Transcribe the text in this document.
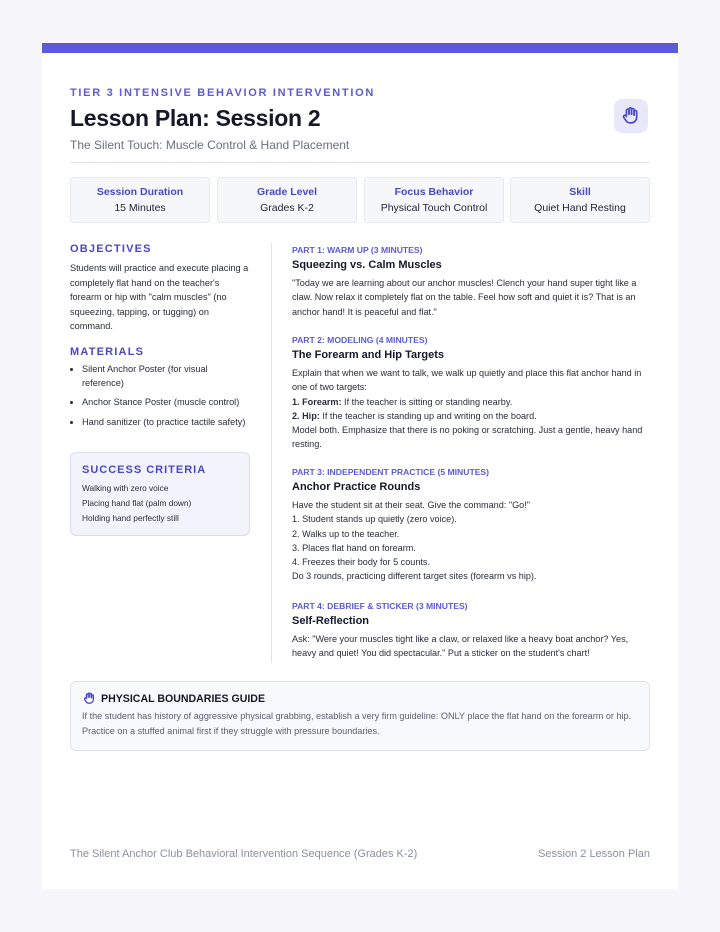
TIER 3 INTENSIVE BEHAVIOR INTERVENTION
Lesson Plan: Session 2
The Silent Touch: Muscle Control & Hand Placement
Session Duration
15 Minutes
Grade Level
Grades K-2
Focus Behavior
Physical Touch Control
Skill
Quiet Hand Resting
OBJECTIVES
Students will practice and execute placing a completely flat hand on the teacher's forearm or hip with "calm muscles" (no squeezing, tapping, or tugging) on command.
MATERIALS
• Silent Anchor Poster (for visual reference)
• Anchor Stance Poster (muscle control)
• Hand sanitizer (to practice tactile safety)
SUCCESS CRITERIA
Walking with zero voice
Placing hand flat (palm down)
Holding hand perfectly still
PART 1: WARM UP (3 MINUTES)
Squeezing vs. Calm Muscles
"Today we are learning about our anchor muscles! Clench your hand super tight like a claw. Now relax it completely flat on the table. Feel how soft and quiet it is? That is an anchor hand! It is peaceful and flat."
PART 2: MODELING (4 MINUTES)
The Forearm and Hip Targets
Explain that when we want to talk, we walk up quietly and place this flat anchor hand in one of two targets:
1. Forearm: If the teacher is sitting or standing nearby.
2. Hip: If the teacher is standing up and writing on the board.
Model both. Emphasize that there is no poking or scratching. Just a gentle, heavy hand resting.
PART 3: INDEPENDENT PRACTICE (5 MINUTES)
Anchor Practice Rounds
Have the student sit at their seat. Give the command: "Go!"
1. Student stands up quietly (zero voice).
2. Walks up to the teacher.
3. Places flat hand on forearm.
4. Freezes their body for 5 counts.
Do 3 rounds, practicing different target sites (forearm vs hip).
PART 4: DEBRIEF & STICKER (3 MINUTES)
Self-Reflection
Ask: "Were your muscles tight like a claw, or relaxed like a heavy boat anchor? Yes, heavy and quiet! You did spectacular." Put a sticker on the student's chart!
PHYSICAL BOUNDARIES GUIDE
If the student has history of aggressive physical grabbing, establish a very firm guideline: ONLY place the flat hand on the forearm or hip. Practice on a stuffed animal first if they struggle with pressure boundaries.
The Silent Anchor Club Behavioral Intervention Sequence (Grades K-2)	Session 2 Lesson Plan
